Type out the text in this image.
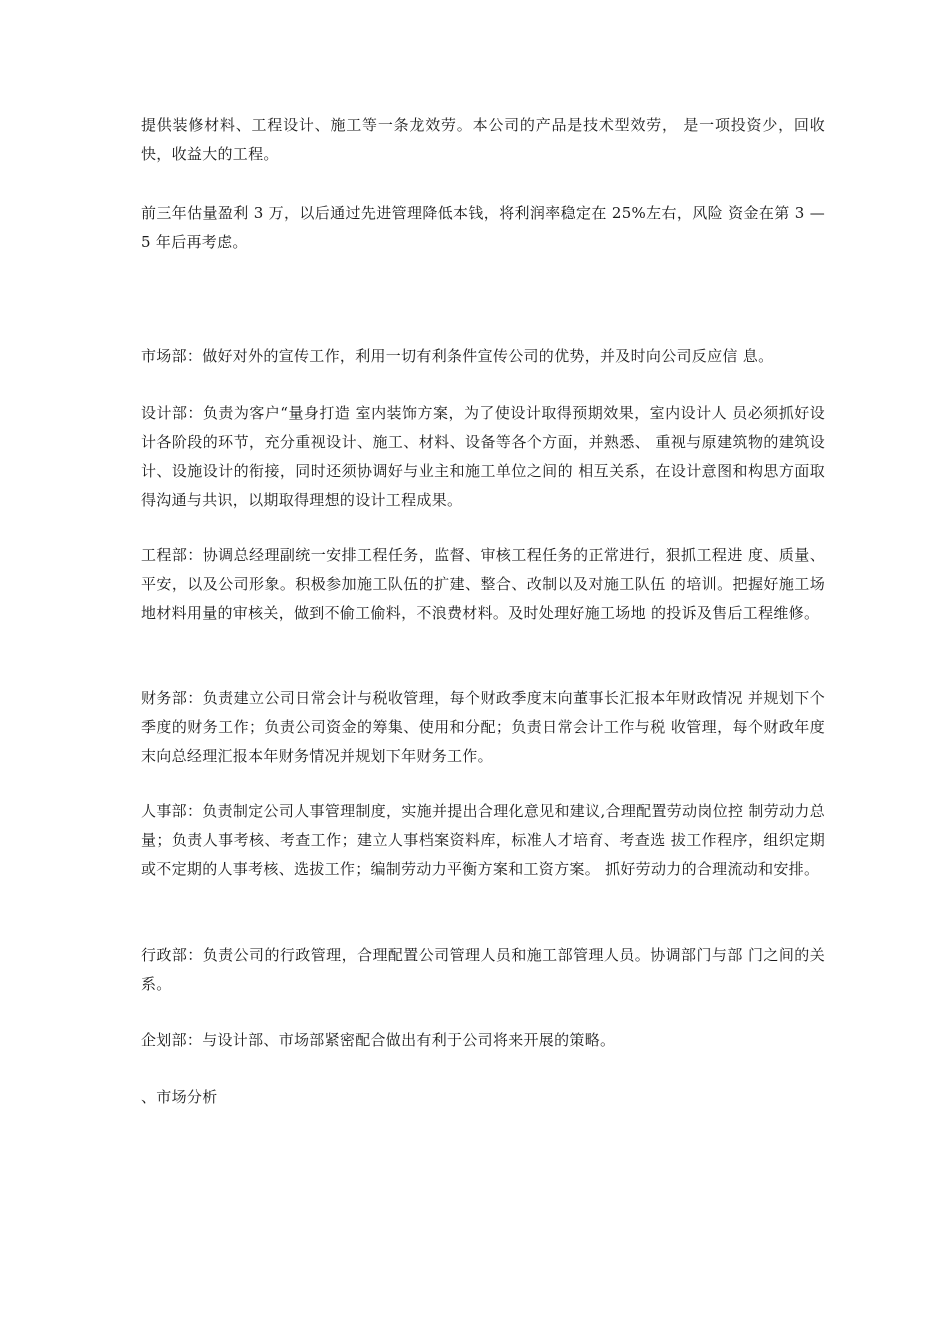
提供装修材料、工程设计、施工等一条龙效劳。本公司的产品是技术型效劳， 是一项投资少，回收快，收益大的工程。

前三年估量盈利 3 万，以后通过先进管理降低本钱，将利润率稳定在 25%左右，风险 资金在第 3 — 5 年后再考虑。

市场部：做好对外的宣传工作，利用一切有利条件宣传公司的优势，并及时向公司反应信 息。

设计部：负责为客户“量身打造 室内装饰方案，为了使设计取得预期效果，室内设计人 员必须抓好设计各阶段的环节，充分重视设计、施工、材料、设备等各个方面，并熟悉、 重视与原建筑物的建筑设计、设施设计的衔接，同时还须协调好与业主和施工单位之间的 相互关系，在设计意图和构思方面取得沟通与共识，以期取得理想的设计工程成果。

工程部：协调总经理副统一安排工程任务，监督、审核工程任务的正常进行，狠抓工程进 度、质量、平安，以及公司形象。积极参加施工队伍的扩建、整合、改制以及对施工队伍 的培训。把握好施工场地材料用量的审核关，做到不偷工偷料，不浪费材料。及时处理好施工场地 的投诉及售后工程维修。

财务部：负责建立公司日常会计与税收管理，每个财政季度末向董事长汇报本年财政情况 并规划下个季度的财务工作；负责公司资金的筹集、使用和分配；负责日常会计工作与税 收管理，每个财政年度末向总经理汇报本年财务情况并规划下年财务工作。

人事部：负责制定公司人事管理制度，实施并提出合理化意见和建议,合理配置劳动岗位控 制劳动力总量；负责人事考核、考查工作；建立人事档案资料库，标准人才培育、考查选 拔工作程序，组织定期或不定期的人事考核、选拔工作；编制劳动力平衡方案和工资方案。 抓好劳动力的合理流动和安排。

行政部：负责公司的行政管理，合理配置公司管理人员和施工部管理人员。协调部门与部 门之间的关系。

企划部：与设计部、市场部紧密配合做出有利于公司将来开展的策略。

、市场分析
